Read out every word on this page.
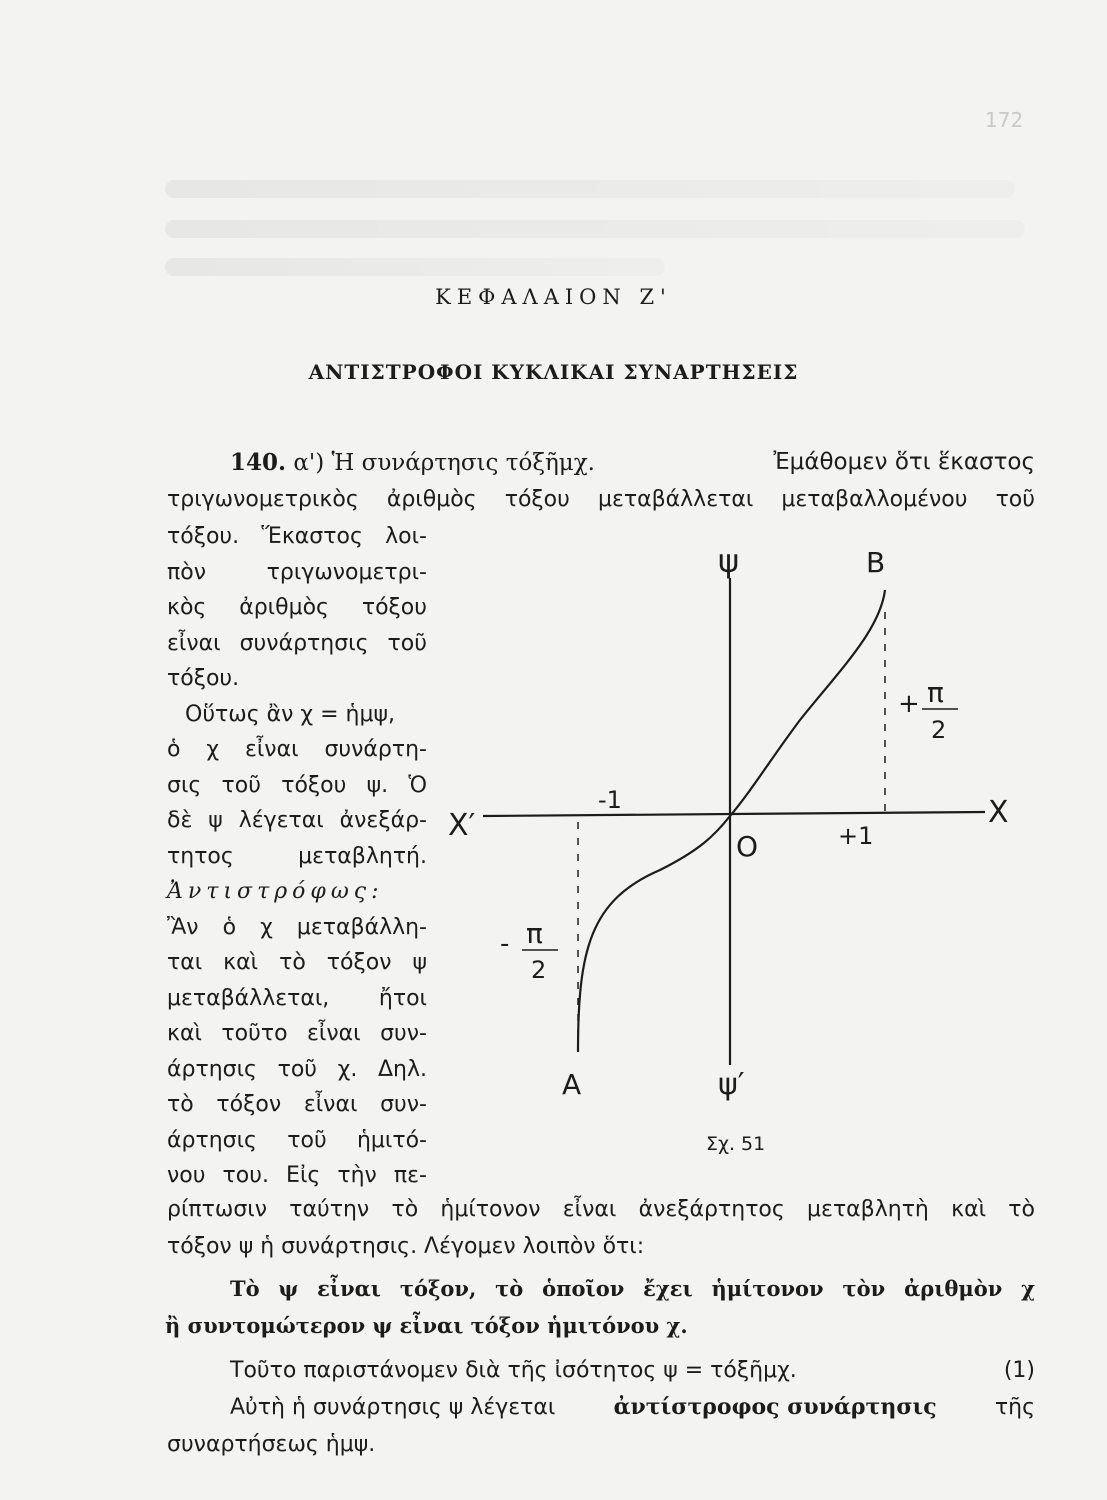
172
ΚΕΦΑΛΑΙΟΝ Ζ'
ΑΝΤΙΣΤΡΟΦΟΙ ΚΥΚΛΙΚΑΙ ΣΥΝΑΡΤΗΣΕΙΣ
140. α') Ἡ συνάρτησις τόξῆμχ.	Ἐμάθομεν ὅτι ἕκαστος
τριγωνομετρικὸς ἀριθμὸς τόξου μεταβάλλεται μεταβαλλομένου τοῦ
τόξου. Ἕκαστος λοι-
πὸν τριγωνομετρι-
κὸς ἀριθμὸς τόξου
εἶναι συνάρτησις τοῦ
τόξου.
Οὕτως ἂν χ = ἡμψ,
ὁ χ εἶναι συνάρτη-
σις τοῦ τόξου ψ. Ὁ
δὲ ψ λέγεται ἀνεξάρ-
τητος μεταβλητή.
Ἀντιστρόφως:
Ἂν ὁ χ μεταβάλλη-
ται καὶ τὸ τόξον ψ
μεταβάλλεται, ἤτοι
καὶ τοῦτο εἶναι συν-
άρτησις τοῦ χ. Δηλ.
τὸ τόξον εἶναι συν-
άρτησις τοῦ ἡμιτό-
νου του. Εἰς τὴν πε-
ψ	B
X
X′
O
-1
+1
A	ψ′
+ π
2
- π
2
Σχ. 51
ρίπτωσιν ταύτην τὸ ἡμίτονον εἶναι ἀνεξάρτητος μεταβλητὴ καὶ τὸ
τόξον ψ ἡ συνάρτησις. Λέγομεν λοιπὸν ὅτι:
Τὸ ψ εἶναι τόξον, τὸ ὁποῖον ἔχει ἡμίτονον τὸν ἀριθμὸν χ
ἢ συντομώτερον ψ εἶναι τόξον ἡμιτόνου χ.
Τοῦτο παριστάνομεν διὰ τῆς ἰσότητος ψ = τόξῆμχ.	(1)
Αὐτὴ ἡ συνάρτησις ψ λέγεται	ἀντίστροφος συνάρτησις	τῆς
συναρτήσεως ἡμψ.
